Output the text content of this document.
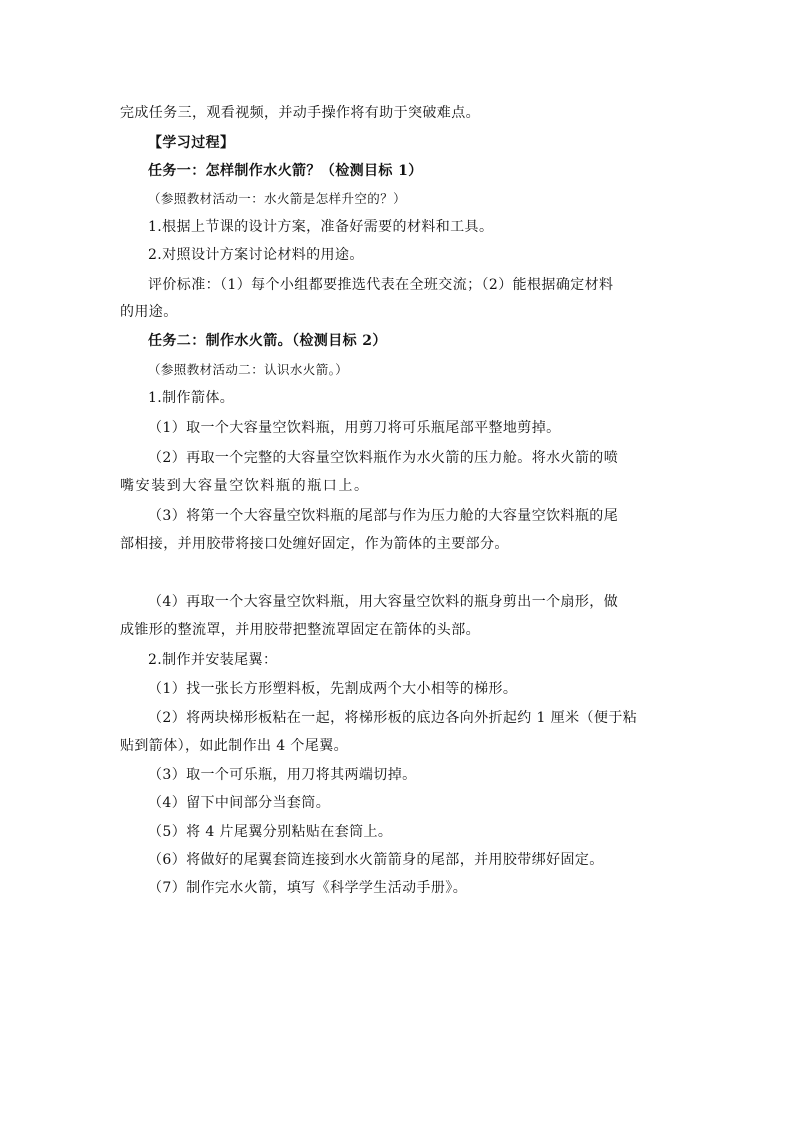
完成任务三，观看视频，并动手操作将有助于突破难点。
【学习过程】
任务一：怎样制作水火箭？（检测目标 1）
（参照教材活动一：水火箭是怎样升空的？）
1.根据上节课的设计方案，准备好需要的材料和工具。
2.对照设计方案讨论材料的用途。
评价标准：（1）每个小组都要推选代表在全班交流；（2）能根据确定材料
的用途。
任务二：制作水火箭。（检测目标 2）
（参照教材活动二：认识水火箭。）
1.制作箭体。
（1）取一个大容量空饮料瓶，用剪刀将可乐瓶尾部平整地剪掉。
（2）再取一个完整的大容量空饮料瓶作为水火箭的压力舱。将水火箭的喷
嘴安装到大容量空饮料瓶的瓶口上。
（3）将第一个大容量空饮料瓶的尾部与作为压力舱的大容量空饮料瓶的尾
部相接，并用胶带将接口处缠好固定，作为箭体的主要部分。
（4）再取一个大容量空饮料瓶，用大容量空饮料的瓶身剪出一个扇形，做
成锥形的整流罩，并用胶带把整流罩固定在箭体的头部。
2.制作并安装尾翼：
（1）找一张长方形塑料板，先割成两个大小相等的梯形。
（2）将两块梯形板粘在一起，将梯形板的底边各向外折起约 1 厘米（便于粘
贴到箭体），如此制作出 4 个尾翼。
（3）取一个可乐瓶，用刀将其两端切掉。
（4）留下中间部分当套筒。
（5）将 4 片尾翼分别粘贴在套筒上。
（6）将做好的尾翼套筒连接到水火箭箭身的尾部，并用胶带绑好固定。
（7）制作完水火箭，填写《科学学生活动手册》。
